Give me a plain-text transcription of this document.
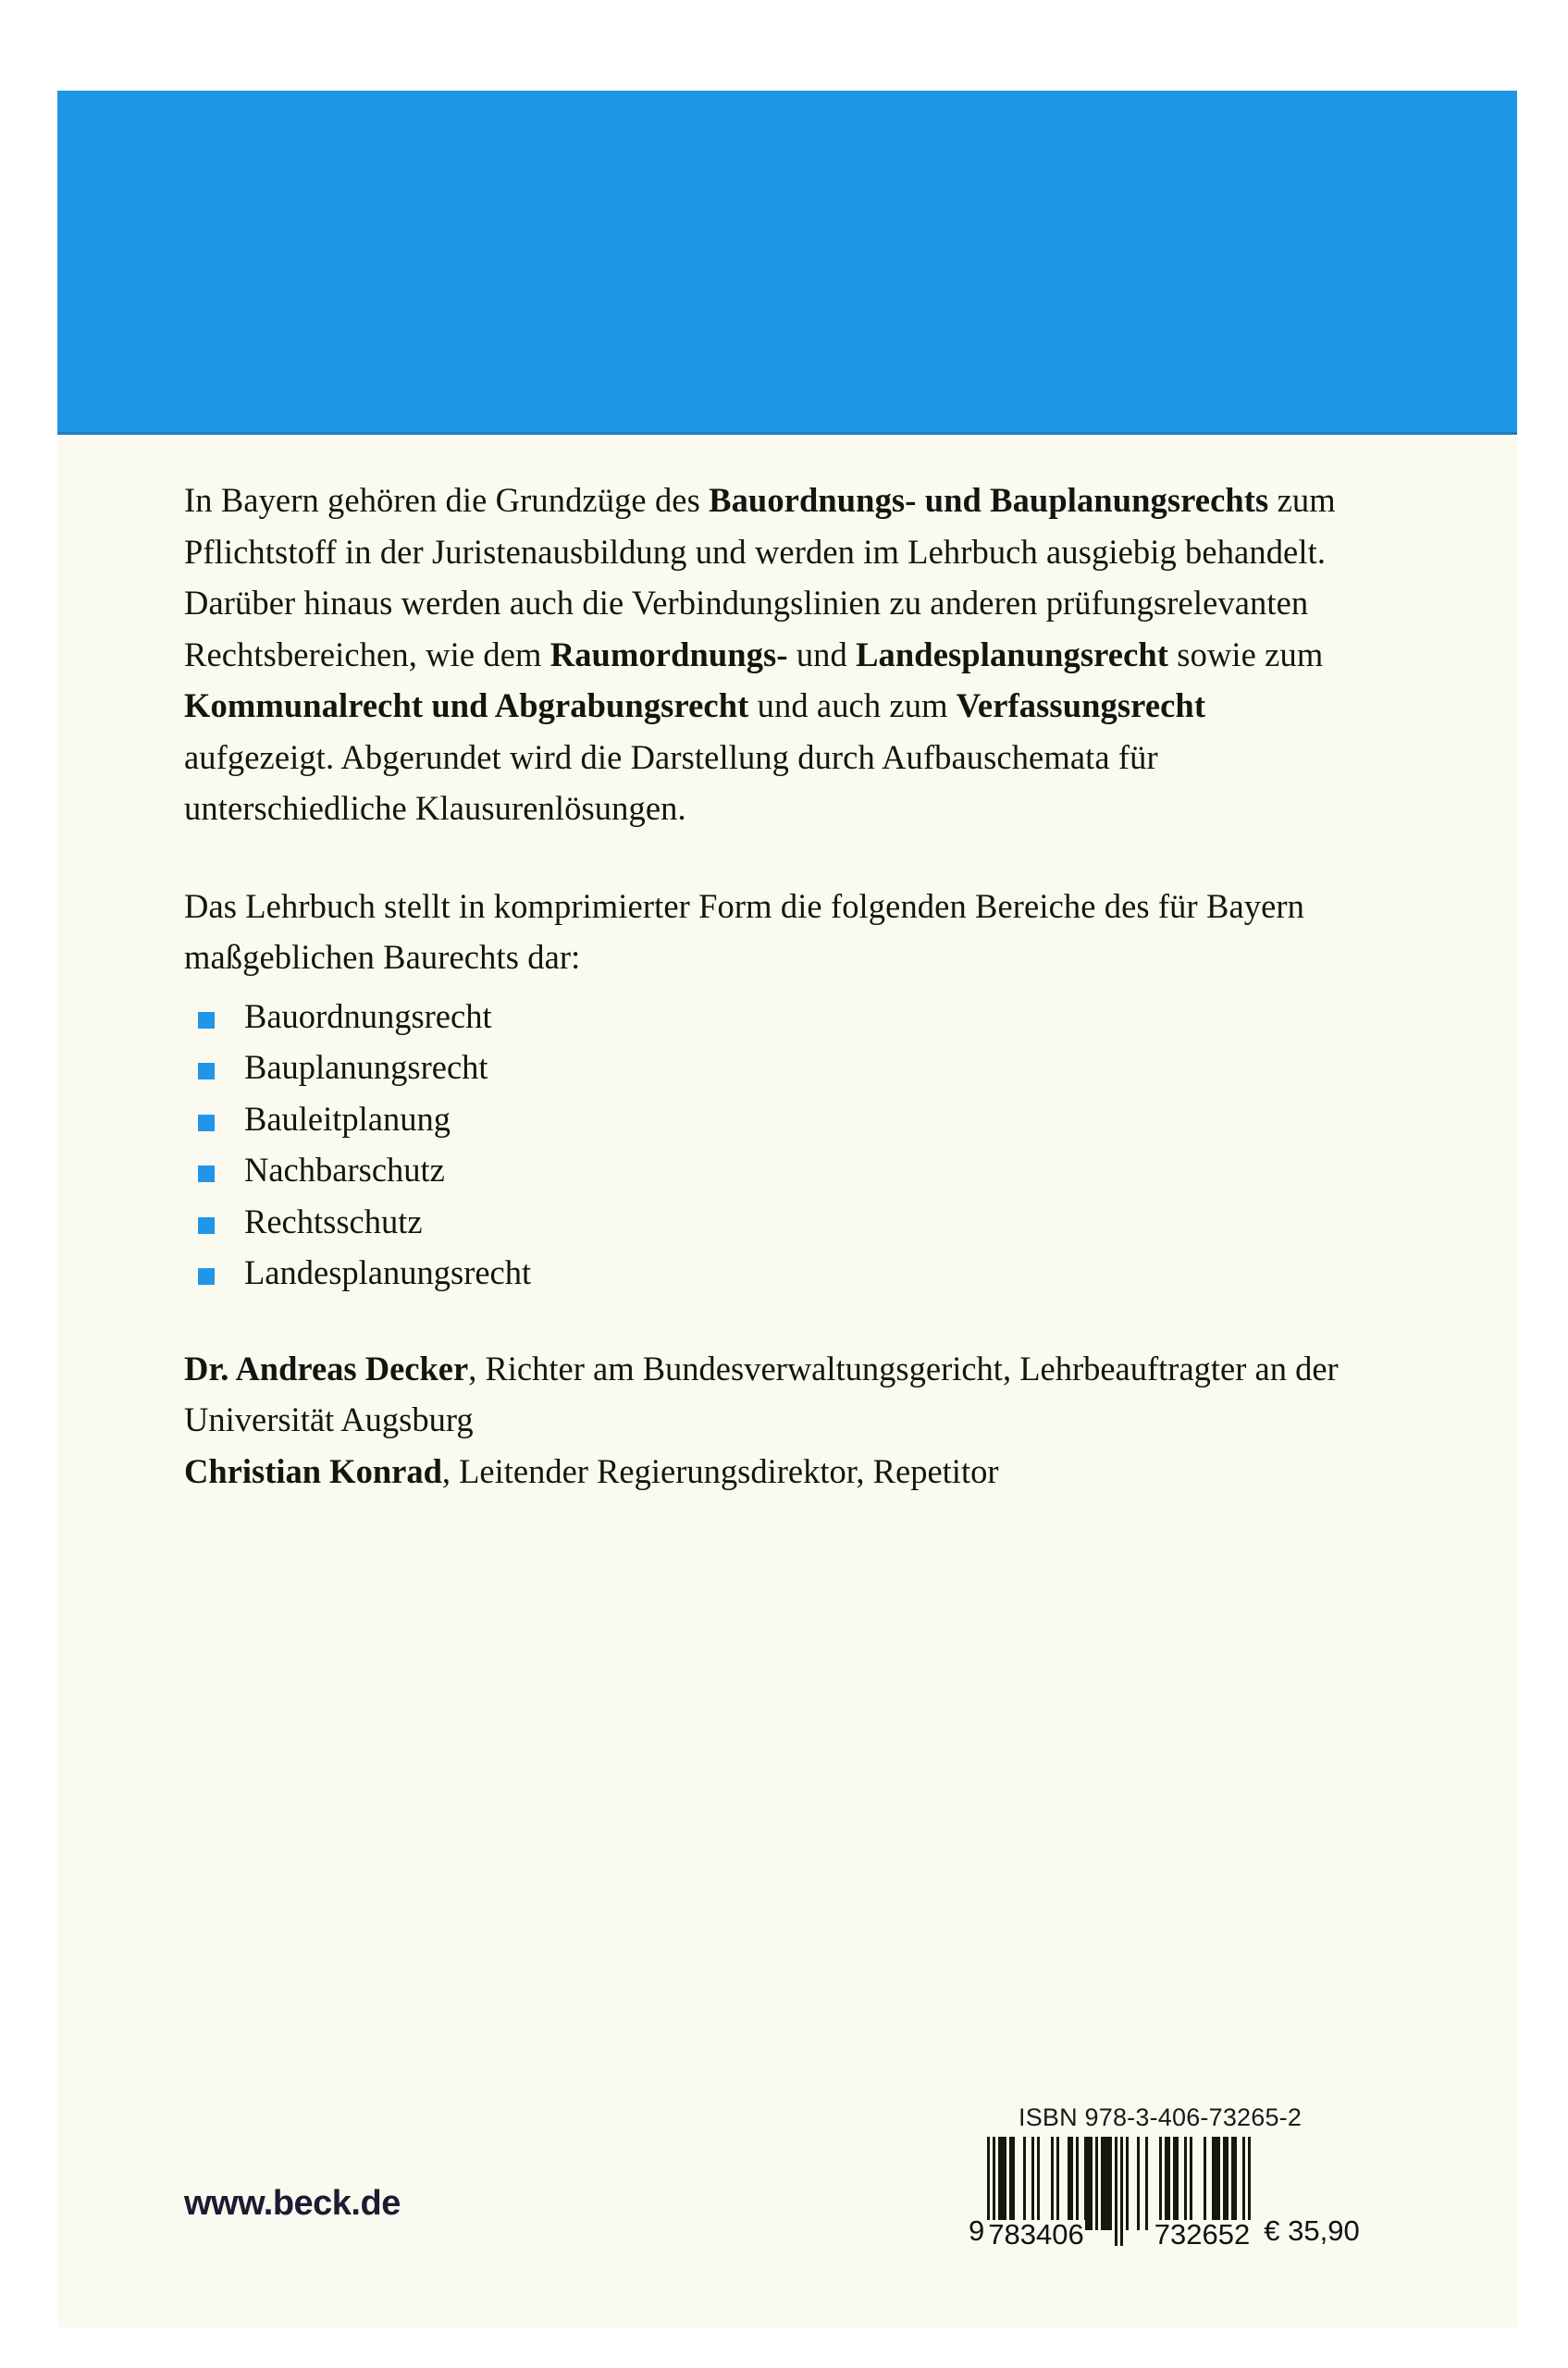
In Bayern gehören die Grundzüge des Bauordnungs- und Bauplanungsrechts zum Pflichtstoff in der Juristenausbildung und werden im Lehrbuch ausgiebig behandelt. Darüber hinaus werden auch die Verbindungslinien zu anderen prüfungsrelevanten Rechtsbereichen, wie dem Raumordnungs- und Landesplanungsrecht sowie zum Kommunalrecht und Abgrabungsrecht und auch zum Verfassungsrecht aufgezeigt. Abgerundet wird die Darstellung durch Aufbauschemata für unterschiedliche Klausurenlösungen.

Das Lehrbuch stellt in komprimierter Form die folgenden Bereiche des für Bayern maßgeblichen Baurechts dar:

Bauordnungsrecht
Bauplanungsrecht
Bauleitplanung
Nachbarschutz
Rechtsschutz
Landesplanungsrecht
Dr. Andreas Decker, Richter am Bundesverwaltungsgericht, Lehrbeauftragter an der Universität Augsburg
Christian Konrad, Leitender Regierungsdirektor, Repetitor
www.beck.de
ISBN 978-3-406-73265-2
9 783406 732652 € 35,90
